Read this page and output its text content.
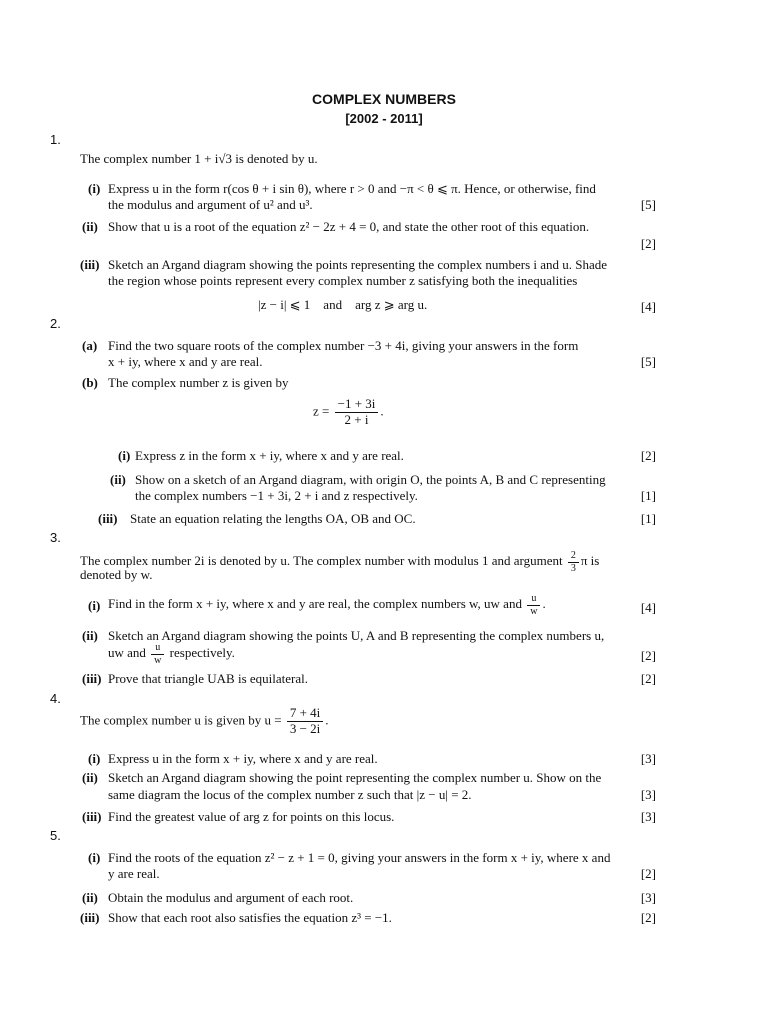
COMPLEX NUMBERS
[2002 - 2011]
1.
The complex number 1 + i√3 is denoted by u.
(i) Express u in the form r(cos θ + i sin θ), where r > 0 and −π < θ ⩽ π. Hence, or otherwise, find
the modulus and argument of u² and u³.	[5]
(ii) Show that u is a root of the equation z² − 2z + 4 = 0, and state the other root of this equation.
[2]
(iii) Sketch an Argand diagram showing the points representing the complex numbers i and u. Shade
the region whose points represent every complex number z satisfying both the inequalities
|z − i| ⩽ 1    and    arg z ⩾ arg u.	[4]
2.
(a) Find the two square roots of the complex number −3 + 4i, giving your answers in the form
x + iy, where x and y are real.	[5]
(b) The complex number z is given by
$z = \frac{-1 + 3i}{2 + i}$ .
(i) Express z in the form x + iy, where x and y are real.	[2]
(ii) Show on a sketch of an Argand diagram, with origin O, the points A, B and C representing
the complex numbers −1 + 3i, 2 + i and z respectively.	[1]
(iii) State an equation relating the lengths OA, OB and OC.	[1]
3.
The complex number 2i is denoted by u. The complex number with modulus 1 and argument $\frac{2}{3}$ π is
denoted by w.
(i) Find in the form x + iy, where x and y are real, the complex numbers w, uw and $\frac{u}{w}$ .	[4]
(ii) Sketch an Argand diagram showing the points U, A and B representing the complex numbers u,
uw and $\frac{u}{w}$ respectively.	[2]
(iii) Prove that triangle UAB is equilateral.	[2]
4.
The complex number u is given by $u = \frac{7 + 4i}{3 - 2i}$ .
(i) Express u in the form x + iy, where x and y are real.	[3]
(ii) Sketch an Argand diagram showing the point representing the complex number u. Show on the
same diagram the locus of the complex number z such that |z − u| = 2.	[3]
(iii) Find the greatest value of arg z for points on this locus.	[3]
5.
(i) Find the roots of the equation z² − z + 1 = 0, giving your answers in the form x + iy, where x and
y are real.	[2]
(ii) Obtain the modulus and argument of each root.	[3]
(iii) Show that each root also satisfies the equation z³ = −1.	[2]
